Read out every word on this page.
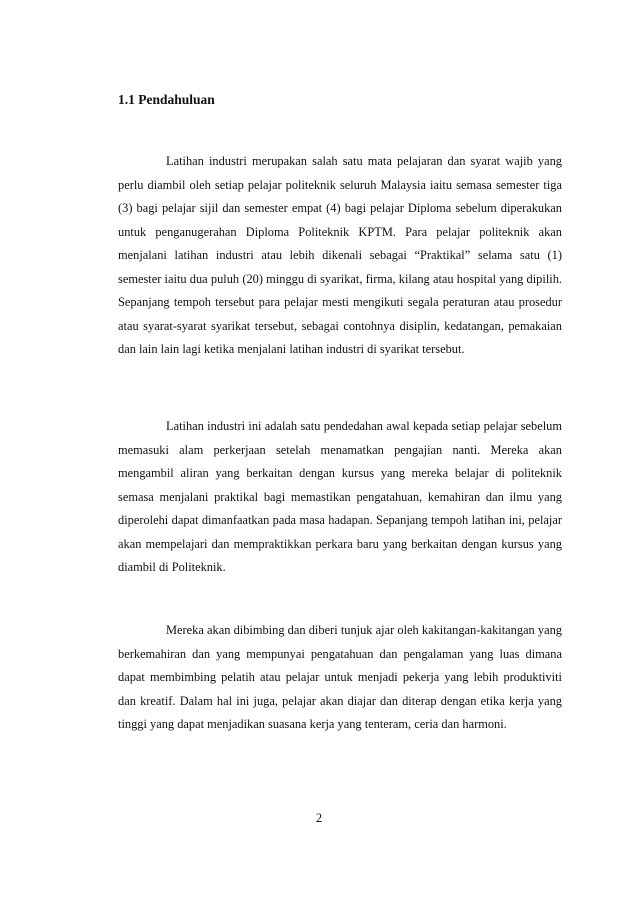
1.1 Pendahuluan

Latihan industri merupakan salah satu mata pelajaran dan syarat wajib yang perlu diambil oleh setiap pelajar politeknik seluruh Malaysia iaitu semasa semester tiga (3) bagi pelajar sijil dan semester empat (4) bagi pelajar Diploma sebelum diperakukan untuk penganugerahan Diploma Politeknik KPTM. Para pelajar politeknik akan menjalani latihan industri atau lebih dikenali sebagai “Praktikal” selama satu (1) semester iaitu dua puluh (20) minggu di syarikat, firma, kilang atau hospital yang dipilih. Sepanjang tempoh tersebut para pelajar mesti mengikuti segala peraturan atau prosedur atau syarat-syarat syarikat tersebut, sebagai contohnya disiplin, kedatangan, pemakaian dan lain lain lagi ketika menjalani latihan industri di syarikat tersebut.

Latihan industri ini adalah satu pendedahan awal kepada setiap pelajar sebelum memasuki alam perkerjaan setelah menamatkan pengajian nanti. Mereka akan mengambil aliran yang berkaitan dengan kursus yang mereka belajar di politeknik semasa menjalani praktikal bagi memastikan pengatahuan, kemahiran dan ilmu yang diperolehi dapat dimanfaatkan pada masa hadapan. Sepanjang tempoh latihan ini, pelajar akan mempelajari dan mempraktikkan perkara baru yang berkaitan dengan kursus yang diambil di Politeknik.

Mereka akan dibimbing dan diberi tunjuk ajar oleh kakitangan-kakitangan yang berkemahiran dan yang mempunyai pengatahuan dan pengalaman yang luas dimana dapat membimbing pelatih atau pelajar untuk menjadi pekerja yang lebih produktiviti dan kreatif. Dalam hal ini juga, pelajar akan diajar dan diterap dengan etika kerja yang tinggi yang dapat menjadikan suasana kerja yang tenteram, ceria dan harmoni.

2
